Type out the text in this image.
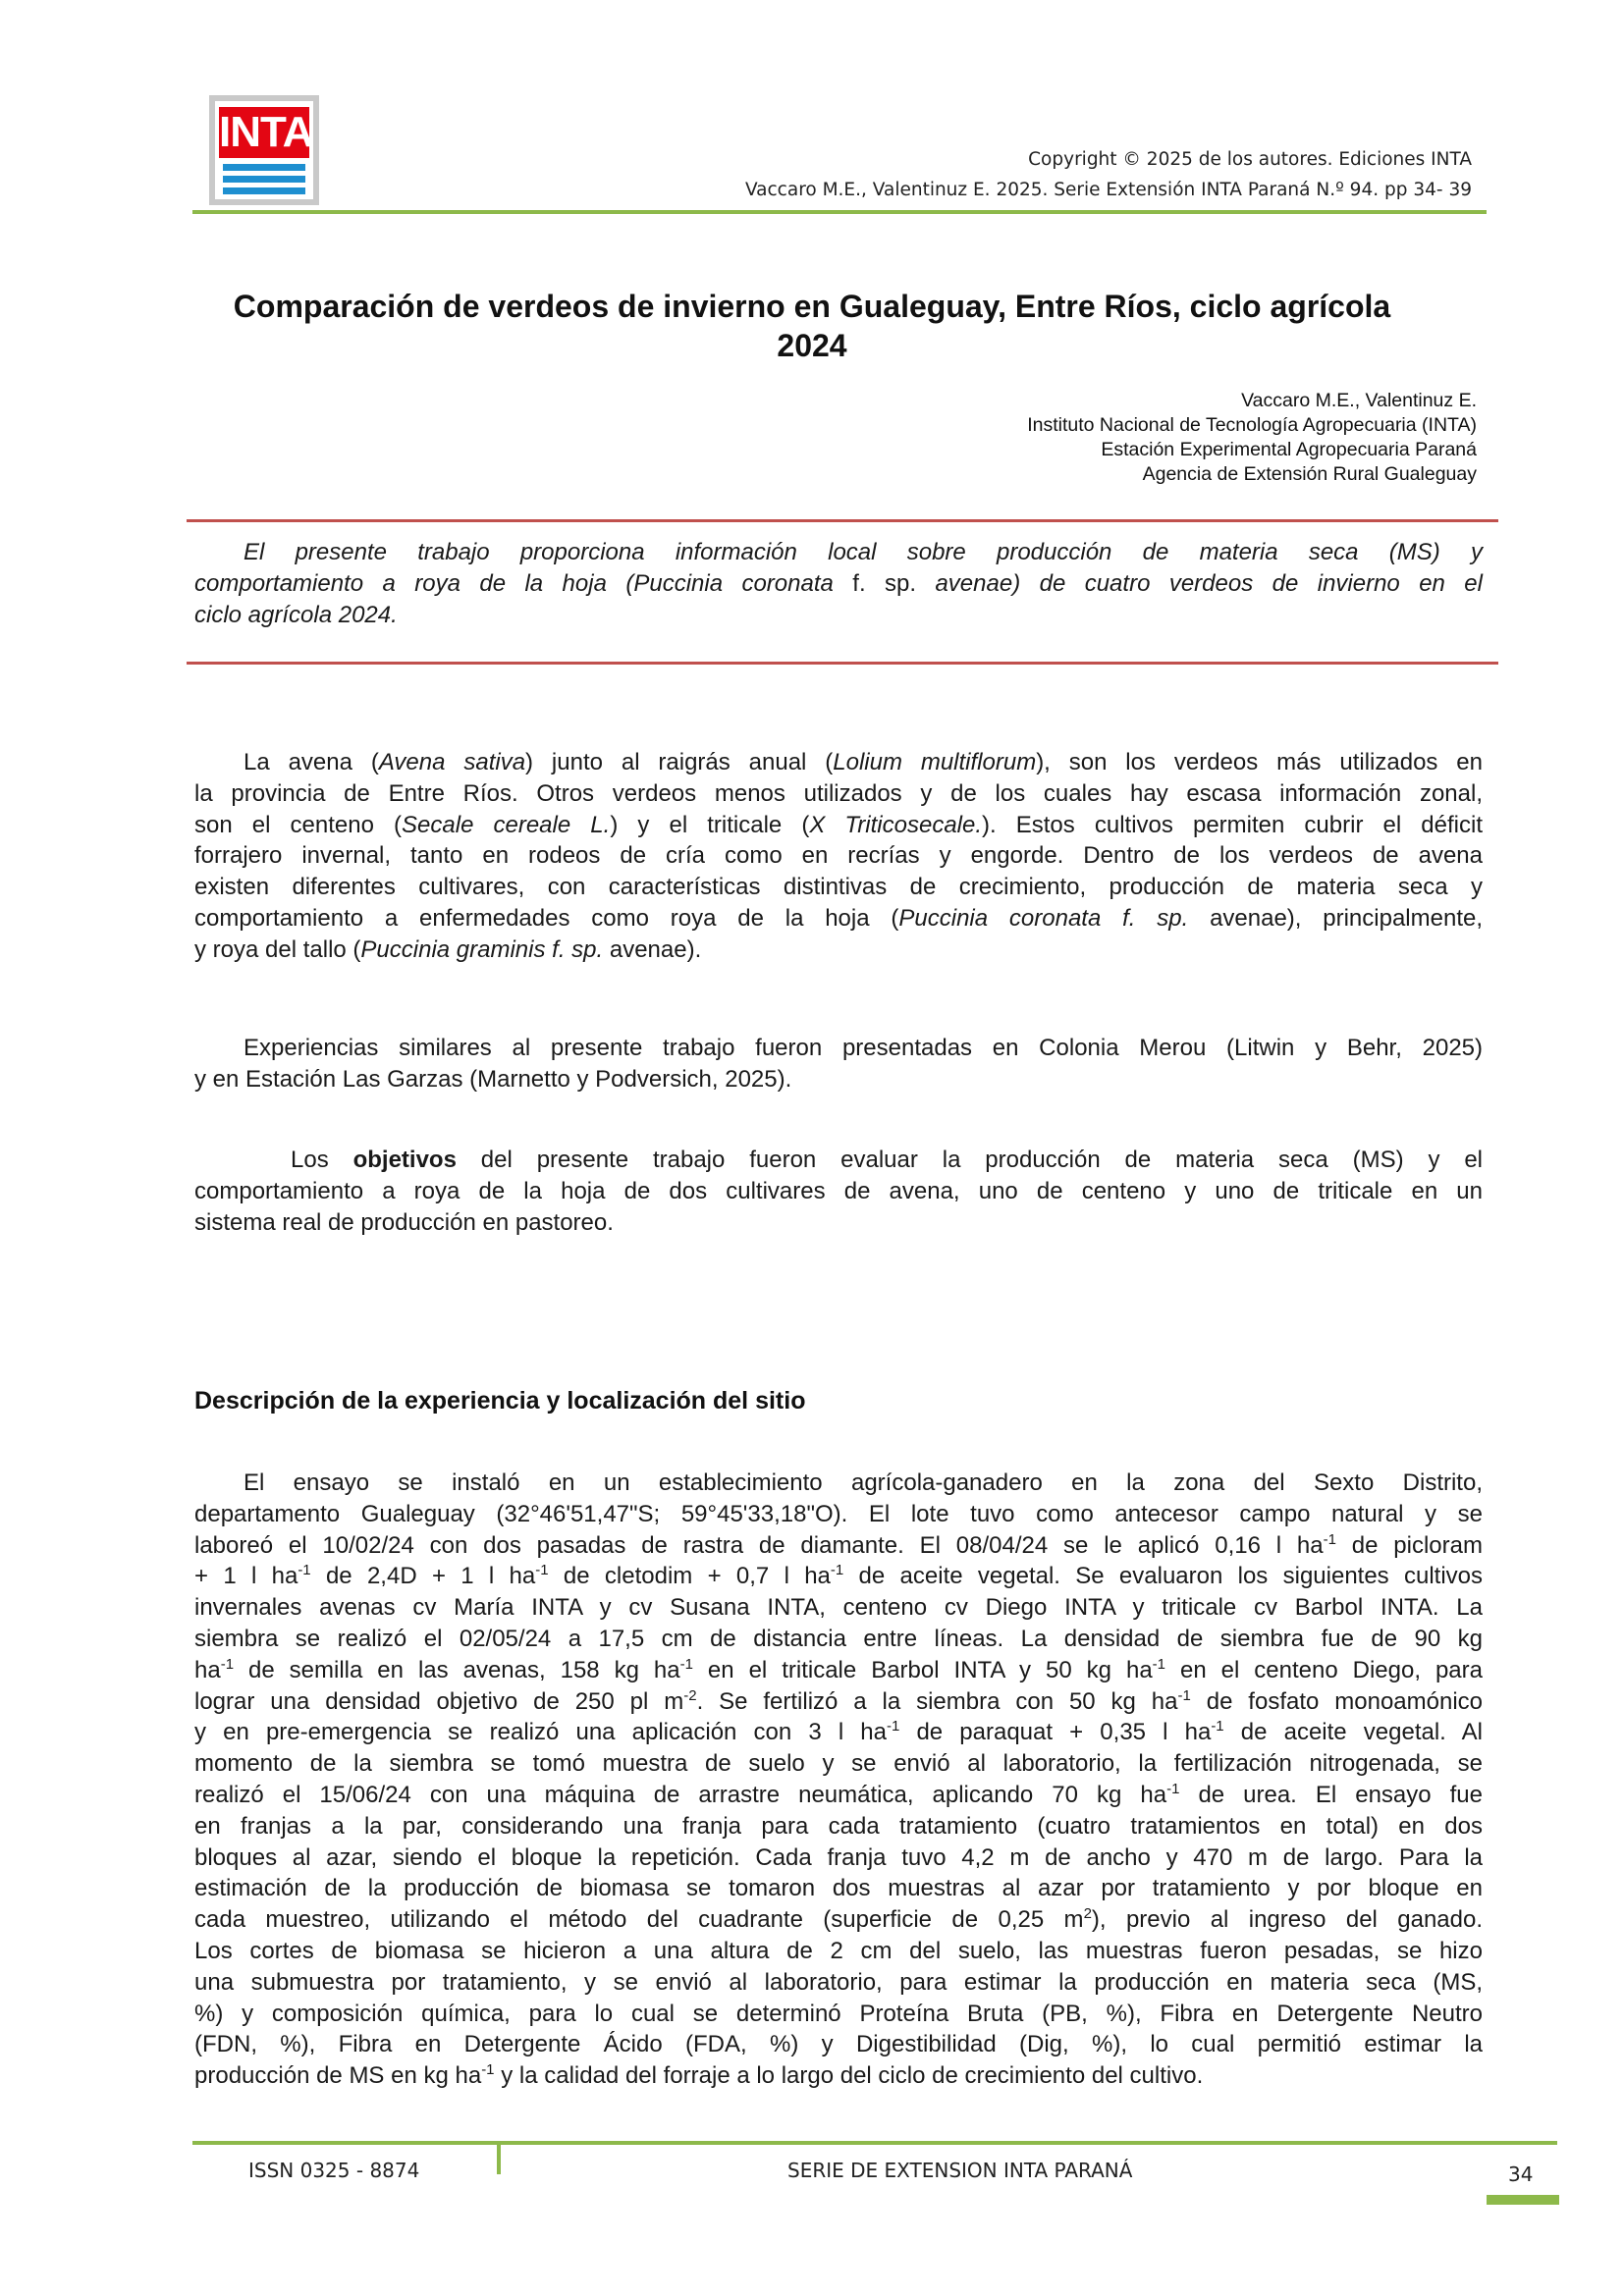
INTA
Copyright © 2025 de los autores. Ediciones INTA
Vaccaro M.E., Valentinuz E. 2025. Serie Extensión INTA Paraná N.º 94. pp 34- 39
Comparación de verdeos de invierno en Gualeguay, Entre Ríos, ciclo agrícola
2024
Vaccaro M.E., Valentinuz E.
Instituto Nacional de Tecnología Agropecuaria (INTA)
Estación Experimental Agropecuaria Paraná
Agencia de Extensión Rural Gualeguay
El presente trabajo proporciona información local sobre producción de materia seca (MS) y
comportamiento a roya de la hoja (Puccinia coronata f. sp. avenae) de cuatro verdeos de invierno en el
ciclo agrícola 2024.
La avena (Avena sativa) junto al raigrás anual (Lolium multiflorum), son los verdeos más utilizados en
la provincia de Entre Ríos. Otros verdeos menos utilizados y de los cuales hay escasa información zonal,
son el centeno (Secale cereale L.) y el triticale (X Triticosecale.). Estos cultivos permiten cubrir el déficit
forrajero invernal, tanto en rodeos de cría como en recrías y engorde. Dentro de los verdeos de avena
existen diferentes cultivares, con características distintivas de crecimiento, producción de materia seca y
comportamiento a enfermedades como roya de la hoja (Puccinia coronata f. sp. avenae), principalmente,
y roya del tallo (Puccinia graminis f. sp. avenae).
Experiencias similares al presente trabajo fueron presentadas en Colonia Merou (Litwin y Behr, 2025)
y en Estación Las Garzas (Marnetto y Podversich, 2025).
Los objetivos del presente trabajo fueron evaluar la producción de materia seca (MS) y el
comportamiento a roya de la hoja de dos cultivares de avena, uno de centeno y uno de triticale en un
sistema real de producción en pastoreo.
Descripción de la experiencia y localización del sitio
El ensayo se instaló en un establecimiento agrícola-ganadero en la zona del Sexto Distrito,
departamento Gualeguay (32°46'51,47"S; 59°45'33,18"O). El lote tuvo como antecesor campo natural y se
laboreó el 10/02/24 con dos pasadas de rastra de diamante. El 08/04/24 se le aplicó 0,16 l $ha^{-1}$ de picloram
+ 1 l $ha^{-1}$ de 2,4D + 1 l $ha^{-1}$ de cletodim + 0,7 l $ha^{-1}$ de aceite vegetal. Se evaluaron los siguientes cultivos
invernales avenas cv María INTA y cv Susana INTA, centeno cv Diego INTA y triticale cv Barbol INTA. La
siembra se realizó el 02/05/24 a 17,5 cm de distancia entre líneas. La densidad de siembra fue de 90 kg
$ha^{-1}$ de semilla en las avenas, 158 kg $ha^{-1}$ en el triticale Barbol INTA y 50 kg $ha^{-1}$ en el centeno Diego, para
lograr una densidad objetivo de 250 pl $m^{-2}$. Se fertilizó a la siembra con 50 kg $ha^{-1}$ de fosfato monoamónico
y en pre-emergencia se realizó una aplicación con 3 l $ha^{-1}$ de paraquat + 0,35 l $ha^{-1}$ de aceite vegetal. Al
momento de la siembra se tomó muestra de suelo y se envió al laboratorio, la fertilización nitrogenada, se
realizó el 15/06/24 con una máquina de arrastre neumática, aplicando 70 kg $ha^{-1}$ de urea. El ensayo fue
en franjas a la par, considerando una franja para cada tratamiento (cuatro tratamientos en total) en dos
bloques al azar, siendo el bloque la repetición. Cada franja tuvo 4,2 m de ancho y 470 m de largo. Para la
estimación de la producción de biomasa se tomaron dos muestras al azar por tratamiento y por bloque en
cada muestreo, utilizando el método del cuadrante (superficie de 0,25 $m^2$), previo al ingreso del ganado.
Los cortes de biomasa se hicieron a una altura de 2 cm del suelo, las muestras fueron pesadas, se hizo
una submuestra por tratamiento, y se envió al laboratorio, para estimar la producción en materia seca (MS,
%) y composición química, para lo cual se determinó Proteína Bruta (PB, %), Fibra en Detergente Neutro
(FDN, %), Fibra en Detergente Ácido (FDA, %) y Digestibilidad (Dig, %), lo cual permitió estimar la
producción de MS en kg $ha^{-1}$ y la calidad del forraje a lo largo del ciclo de crecimiento del cultivo.
ISSN 0325 - 8874	SERIE DE EXTENSION INTA PARANÁ	34
